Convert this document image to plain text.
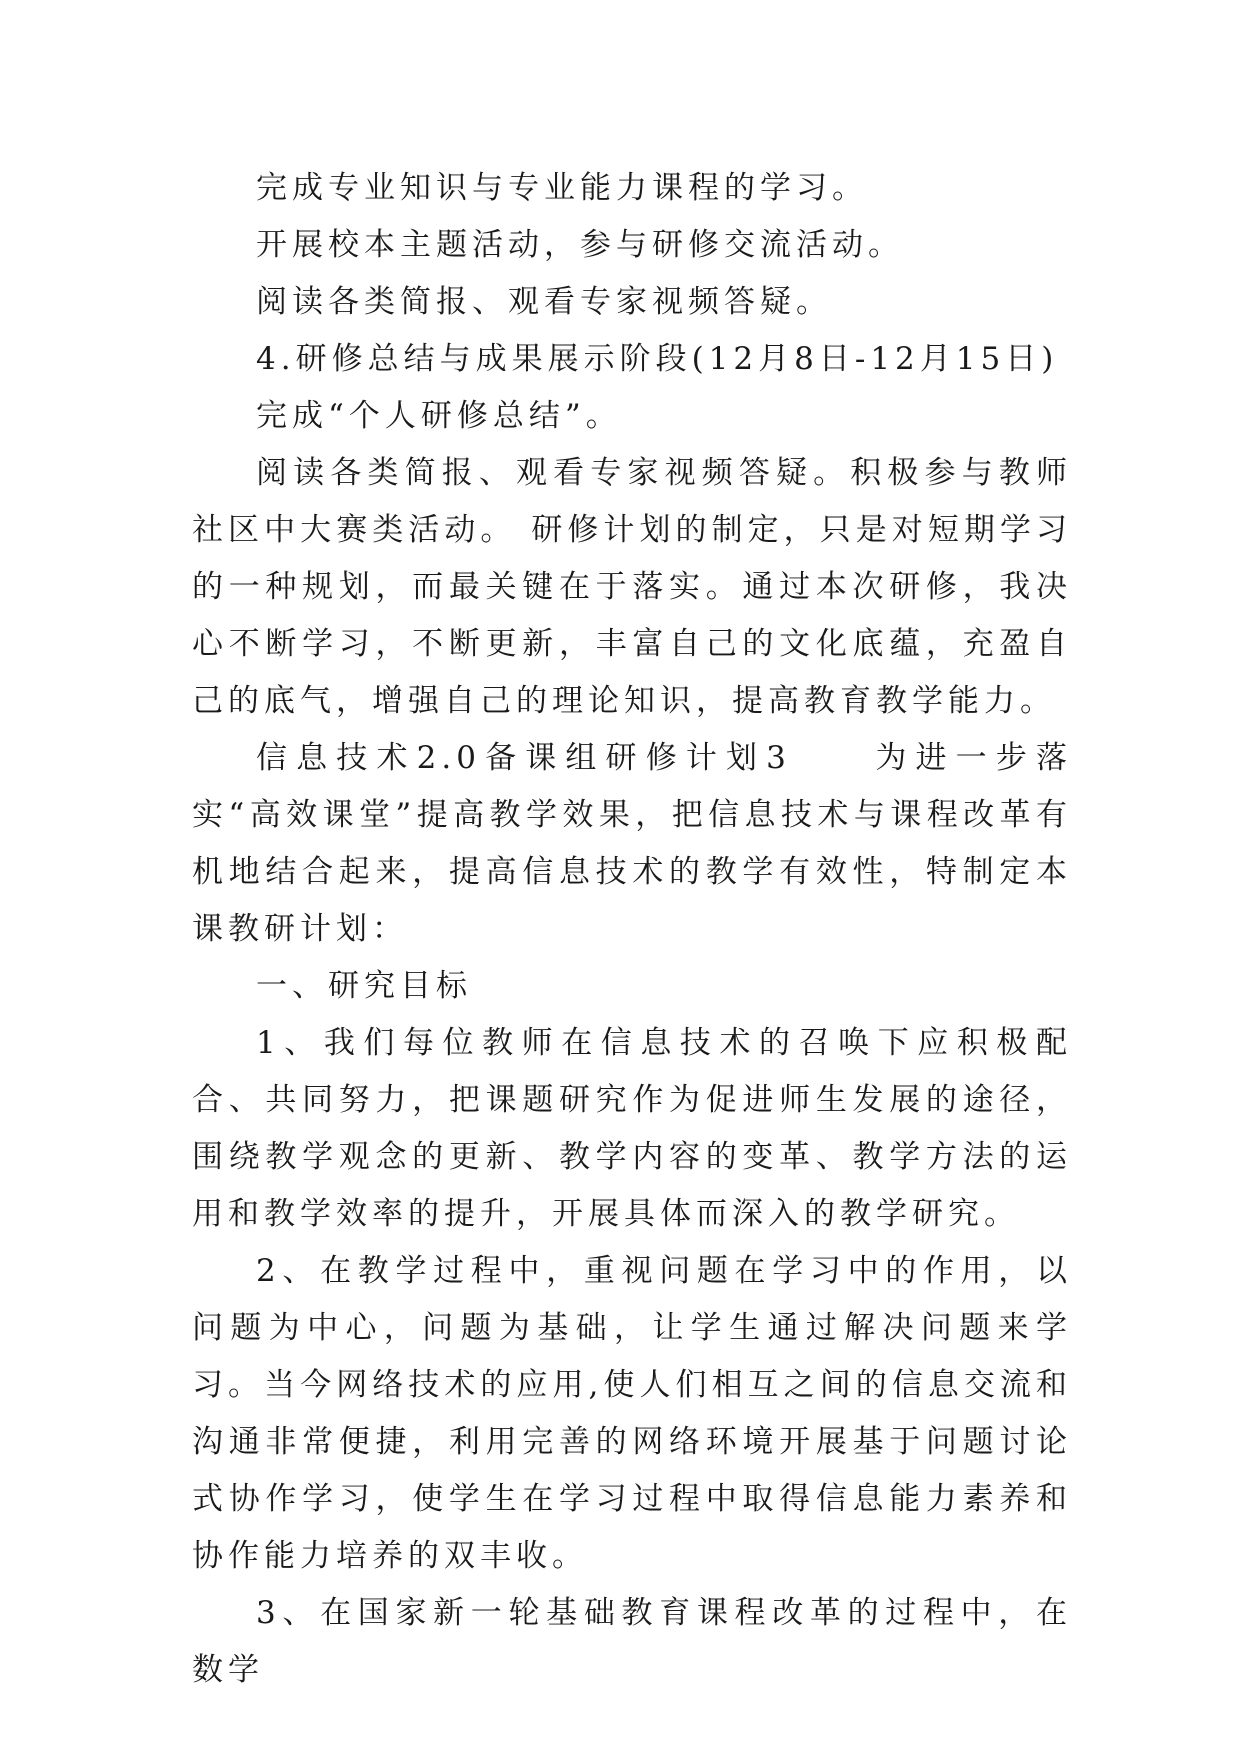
完成专业知识与专业能力课程的学习。

开展校本主题活动，参与研修交流活动。

阅读各类简报、观看专家视频答疑。

4.研修总结与成果展示阶段(12月8日-12月15日)

完成“个人研修总结”。

阅读各类简报、观看专家视频答疑。积极参与教师社区中大赛类活动。 研修计划的制定，只是对短期学习的一种规划，而最关键在于落实。通过本次研修，我决心不断学习，不断更新，丰富自己的文化底蕴，充盈自己的底气，增强自己的理论知识，提高教育教学能力。

信息技术2.0备课组研修计划3　　为进一步落实“高效课堂”提高教学效果，把信息技术与课程改革有机地结合起来，提高信息技术的教学有效性，特制定本课教研计划：

一、研究目标

1、我们每位教师在信息技术的召唤下应积极配合、共同努力，把课题研究作为促进师生发展的途径，围绕教学观念的更新、教学内容的变革、教学方法的运用和教学效率的提升，开展具体而深入的教学研究。

2、在教学过程中，重视问题在学习中的作用，以问题为中心，问题为基础，让学生通过解决问题来学习。当今网络技术的应用,使人们相互之间的信息交流和沟通非常便捷，利用完善的网络环境开展基于问题讨论式协作学习，使学生在学习过程中取得信息能力素养和协作能力培养的双丰收。

3、在国家新一轮基础教育课程改革的过程中，在数学
